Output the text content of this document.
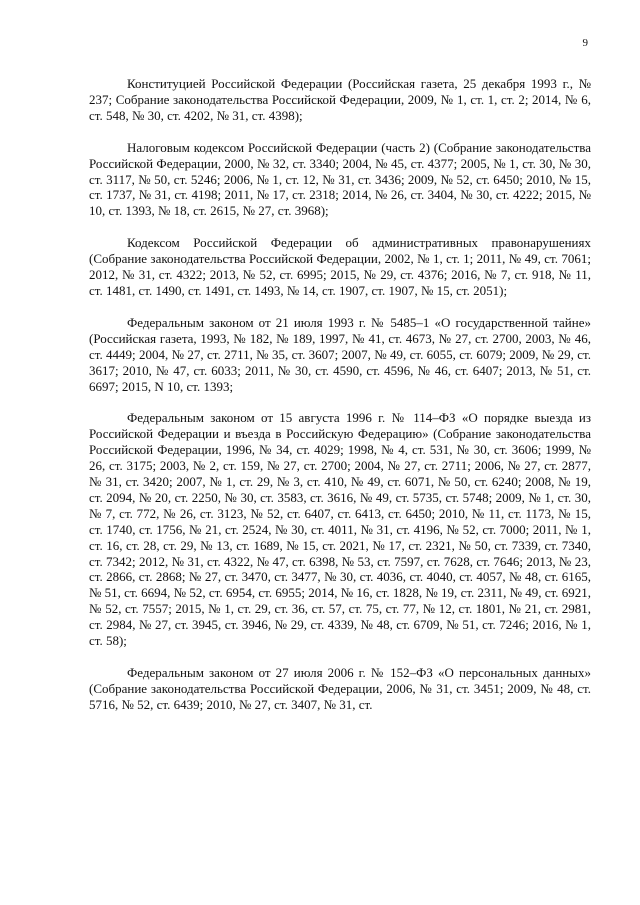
9

Конституцией Российской Федерации (Российская газета, 25 декабря 1993 г., № 237; Собрание законодательства Российской Федерации, 2009, № 1, ст. 1, ст. 2; 2014, № 6, ст. 548, № 30, ст. 4202, № 31, ст. 4398);

Налоговым кодексом Российской Федерации (часть 2) (Собрание законодательства Российской Федерации, 2000, № 32, ст. 3340; 2004, № 45, ст. 4377; 2005, № 1, ст. 30, № 30, ст. 3117, № 50, ст. 5246; 2006, № 1, ст. 12, № 31, ст. 3436; 2009, № 52, ст. 6450; 2010, № 15, ст. 1737, № 31, ст. 4198; 2011, № 17, ст. 2318; 2014, № 26, ст. 3404, № 30, ст. 4222; 2015, № 10, ст. 1393, № 18, ст. 2615, № 27, ст. 3968);

Кодексом Российской Федерации об административных правонарушениях (Собрание законодательства Российской Федерации, 2002, № 1, ст. 1; 2011, № 49, ст. 7061; 2012, № 31, ст. 4322; 2013, № 52, ст. 6995; 2015, № 29, ст. 4376; 2016, № 7, ст. 918, № 11, ст. 1481, ст. 1490, ст. 1491, ст. 1493, № 14, ст. 1907, ст. 1907, № 15, ст. 2051);

Федеральным законом от 21 июля 1993 г. № 5485–1 «О государственной тайне» (Российская газета, 1993, № 182, № 189, 1997, № 41, ст. 4673, № 27, ст. 2700, 2003, № 46, ст. 4449; 2004, № 27, ст. 2711, № 35, ст. 3607; 2007, № 49, ст. 6055, ст. 6079; 2009, № 29, ст. 3617; 2010, № 47, ст. 6033; 2011, № 30, ст. 4590, ст. 4596, № 46, ст. 6407; 2013, № 51, ст. 6697; 2015, N 10, ст. 1393;

Федеральным законом от 15 августа 1996 г. № 114–ФЗ «О порядке выезда из Российской Федерации и въезда в Российскую Федерацию» (Собрание законодательства Российской Федерации, 1996, № 34, ст. 4029; 1998, № 4, ст. 531, № 30, ст. 3606; 1999, № 26, ст. 3175; 2003, № 2, ст. 159, № 27, ст. 2700; 2004, № 27, ст. 2711; 2006, № 27, ст. 2877, № 31, ст. 3420; 2007, № 1, ст. 29, № 3, ст. 410, № 49, ст. 6071, № 50, ст. 6240; 2008, № 19, ст. 2094, № 20, ст. 2250, № 30, ст. 3583, ст. 3616, № 49, ст. 5735, ст. 5748; 2009, № 1, ст. 30, № 7, ст. 772, № 26, ст. 3123, № 52, ст. 6407, ст. 6413, ст. 6450; 2010, № 11, ст. 1173, № 15, ст. 1740, ст. 1756, № 21, ст. 2524, № 30, ст. 4011, № 31, ст. 4196, № 52, ст. 7000; 2011, № 1, ст. 16, ст. 28, ст. 29, № 13, ст. 1689, № 15, ст. 2021, № 17, ст. 2321, № 50, ст. 7339, ст. 7340, ст. 7342; 2012, № 31, ст. 4322, № 47, ст. 6398, № 53, ст. 7597, ст. 7628, ст. 7646; 2013, № 23, ст. 2866, ст. 2868; № 27, ст. 3470, ст. 3477, № 30, ст. 4036, ст. 4040, ст. 4057, № 48, ст. 6165, № 51, ст. 6694, № 52, ст. 6954, ст. 6955; 2014, № 16, ст. 1828, № 19, ст. 2311, № 49, ст. 6921, № 52, ст. 7557; 2015, № 1, ст. 29, ст. 36, ст. 57, ст. 75, ст. 77, № 12, ст. 1801, № 21, ст. 2981, ст. 2984, № 27, ст. 3945, ст. 3946, № 29, ст. 4339, № 48, ст. 6709, № 51, ст. 7246; 2016, № 1, ст. 58);

Федеральным законом от 27 июля 2006 г. № 152–ФЗ «О персональных данных» (Собрание законодательства Российской Федерации, 2006, № 31, ст. 3451; 2009, № 48, ст. 5716, № 52, ст. 6439; 2010, № 27, ст. 3407, № 31, ст.
